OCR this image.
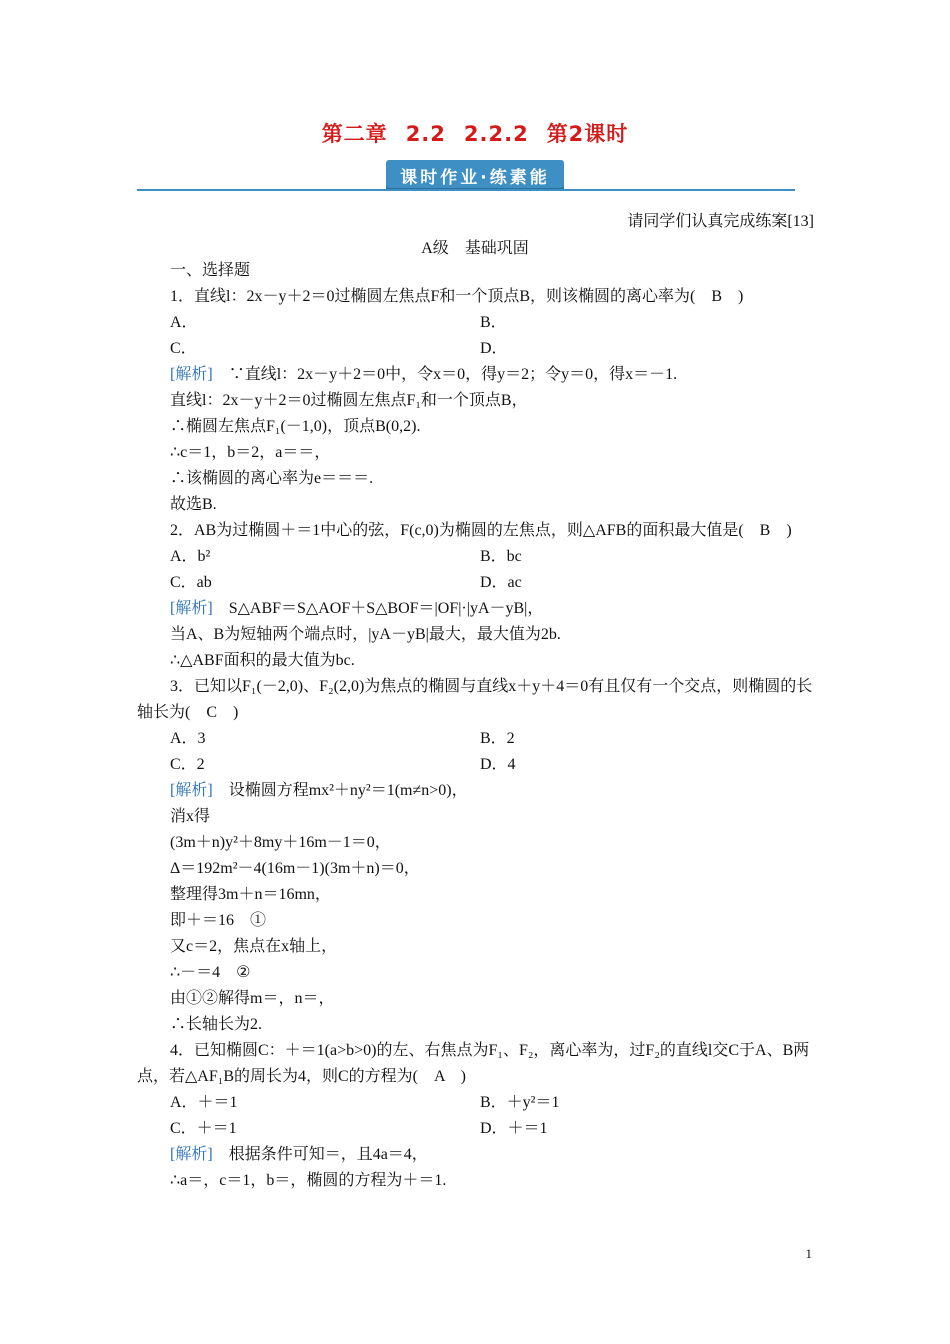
第二章 2.2 2.2.2 第2课时
课时作业·练素能
请同学们认真完成练案[13]
A级　基础巩固
一、选择题
1．直线l：2x－y＋2＝0过椭圆左焦点F和一个顶点B，则该椭圆的离心率为(　B　)
A．	B．
C．	D．
[解析]　 ∵直线l：2x－y＋2＝0中，令x＝0，得y＝2；令y＝0，得x＝－1.
直线l：2x－y＋2＝0过椭圆左焦点F₁和一个顶点B，
∴椭圆左焦点F₁(－1,0)，顶点B(0,2).
∴c＝1，b＝2，a＝＝，
∴该椭圆的离心率为e＝＝＝.
故选B.
2．AB为过椭圆＋＝1中心的弦，F(c,0)为椭圆的左焦点，则△AFB的面积最大值是(　B　)
A．b²	B．bc
C．ab	D．ac
[解析]　 S△ABF＝S△AOF＋S△BOF＝|OF|·|yA－yB|，
当A、B为短轴两个端点时，|yA－yB|最大，最大值为2b.
∴△ABF面积的最大值为bc.
3．已知以F₁(－2,0)、F₂(2,0)为焦点的椭圆与直线x＋y＋4＝0有且仅有一个交点，则椭圆的长轴长为(　C　)
A．3	B．2
C．2	D．4
[解析]　 设椭圆方程mx²＋ny²＝1(m≠n>0)，
消x得
(3m＋n)y²＋8my＋16m－1＝0，
Δ＝192m²－4(16m－1)(3m＋n)＝0，
整理得3m＋n＝16mn，
即＋＝16　①
又c＝2，焦点在x轴上，
∴－＝4　②
由①②解得m＝，n＝，
∴长轴长为2.
4．已知椭圆C：＋＝1(a>b>0)的左、右焦点为F₁、F₂，离心率为，过F₂的直线l交C于A、B两点，若△AF₁B的周长为4，则C的方程为(　A　)
A．＋＝1	B．＋y²＝1
C．＋＝1	D．＋＝1
[解析]　 根据条件可知＝，且4a＝4，
∴a＝，c＝1，b＝，椭圆的方程为＋＝1.
1
